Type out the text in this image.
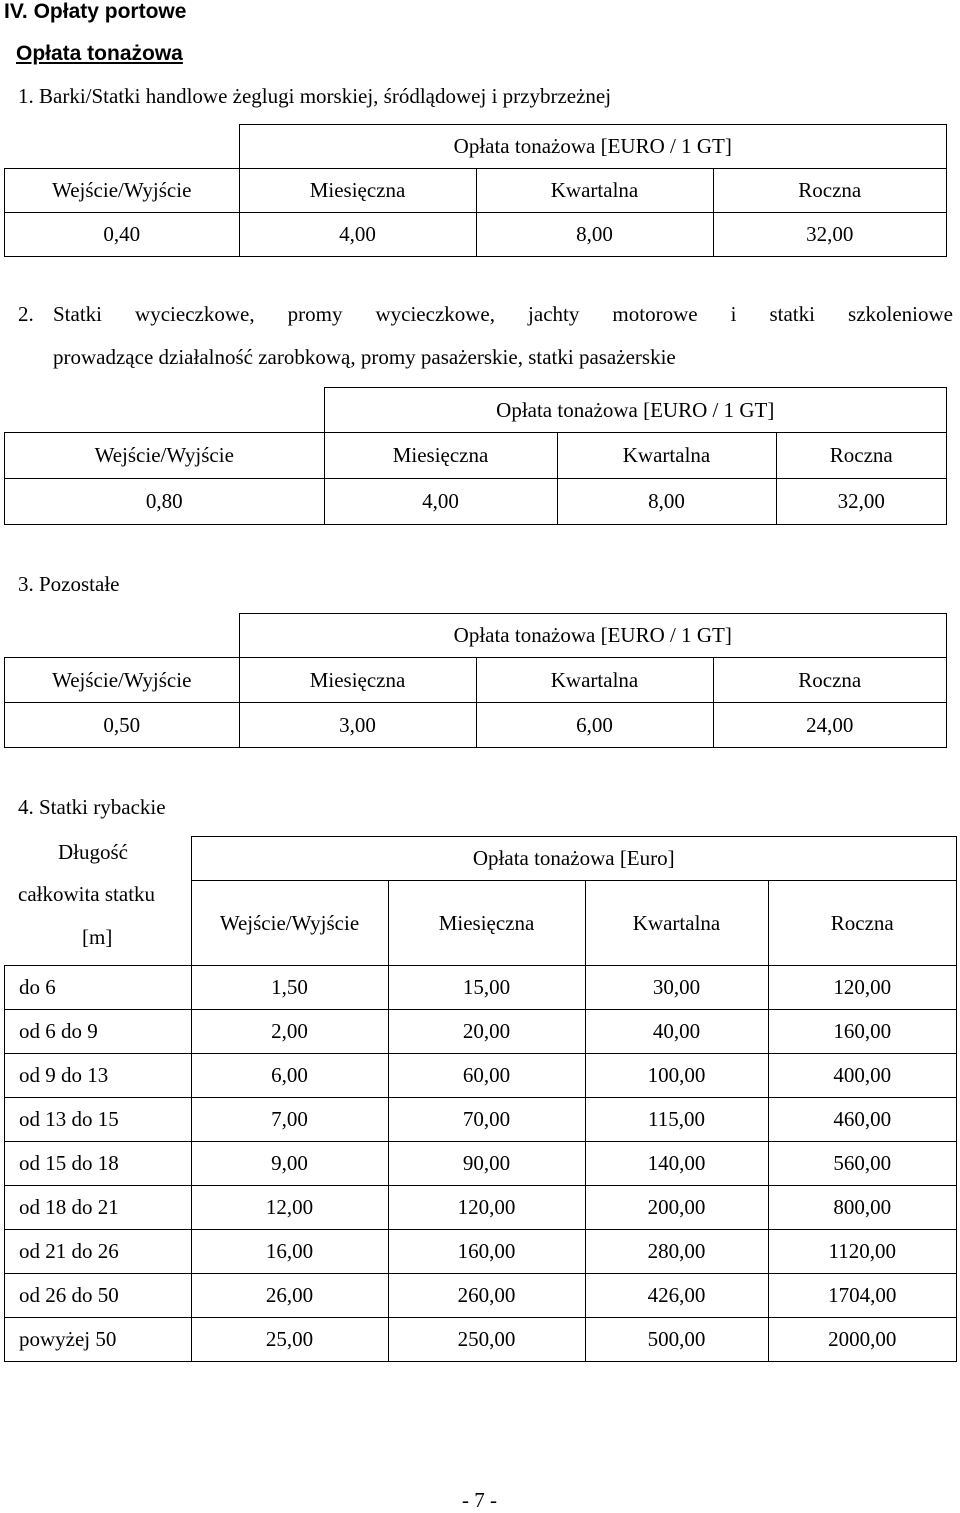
IV. Opłaty portowe
Opłata tonażowa
1. Barki/Statki handlowe żeglugi morskiej, śródlądowej i przybrzeżnej
	Opłata tonażowa [EURO / 1 GT]		
Wejście/Wyjście	Miesięczna	Kwartalna	Roczna
0,40	4,00	8,00	32,00
2. Statki wycieczkowe, promy wycieczkowe, jachty motorowe i statki szkoleniowe
prowadzące działalność zarobkową, promy pasażerskie, statki pasażerskie
	Opłata tonażowa [EURO / 1 GT]		
Wejście/Wyjście	Miesięczna	Kwartalna	Roczna
0,80	4,00	8,00	32,00
3. Pozostałe
	Opłata tonażowa [EURO / 1 GT]		
Wejście/Wyjście	Miesięczna	Kwartalna	Roczna
0,50	3,00	6,00	24,00
4. Statki rybackie
Długość
całkowita statku
[m]
	Opłata tonażowa [Euro]			
	Wejście/Wyjście	Miesięczna	Kwartalna	Roczna
do 6	1,50	15,00	30,00	120,00
od 6 do 9	2,00	20,00	40,00	160,00
od 9 do 13	6,00	60,00	100,00	400,00
od 13 do 15	7,00	70,00	115,00	460,00
od 15 do 18	9,00	90,00	140,00	560,00
od 18 do 21	12,00	120,00	200,00	800,00
od 21 do 26	16,00	160,00	280,00	1120,00
od 26 do 50	26,00	260,00	426,00	1704,00
powyżej 50	25,00	250,00	500,00	2000,00
- 7 -
